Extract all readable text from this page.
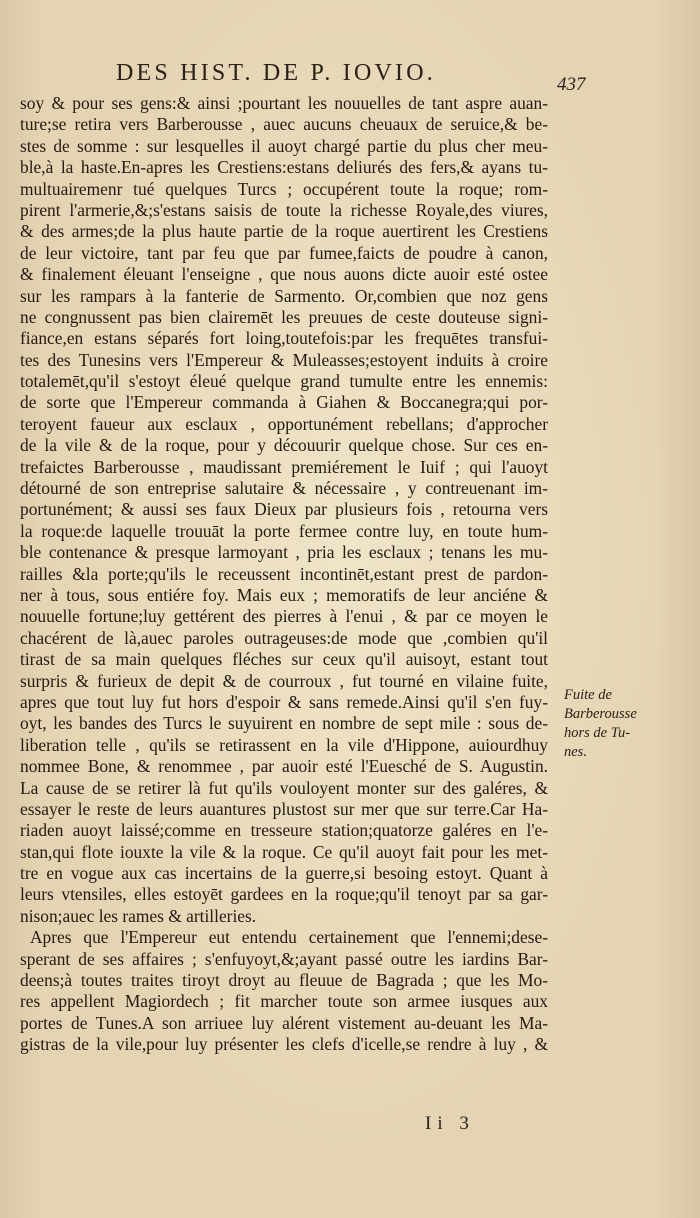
DES HIST. DE P. IOVIO.	437
soy & pour ses gens:& ainsi ;pourtant les nouuelles de tant aspre auan-
ture;se retira vers Barberousse , auec aucuns cheuaux de seruice,& be-
stes de somme : sur lesquelles il auoyt chargé partie du plus cher meu-
ble,à la haste.En-apres les Crestiens:estans deliurés des fers,& ayans tu-
multuairemenr tué quelques Turcs ; occupérent toute la roque; rom-
pirent l'armerie,&;s'estans saisis de toute la richesse Royale,des viures,
& des armes;de la plus haute partie de la roque auertirent les Crestiens
de leur victoire, tant par feu que par fumee,faicts de poudre à canon,
& finalement éleuant l'enseigne , que nous auons dicte auoir esté ostee
sur les rampars à la fanterie de Sarmento. Or,combien que noz gens
ne congnussent pas bien clairemēt les preuues de ceste douteuse signi-
fiance,en estans séparés fort loing,toutefois:par les frequētes transfui-
tes des Tunesins vers l'Empereur & Muleasses;estoyent induits à croire
totalemēt,qu'il s'estoyt éleué quelque grand tumulte entre les ennemis:
de sorte que l'Empereur commanda à Giahen & Boccanegra;qui por-
teroyent faueur aux esclaux , opportunément rebellans; d'approcher
de la vile & de la roque, pour y découurir quelque chose. Sur ces en-
trefaictes Barberousse , maudissant premiérement le Iuif ; qui l'auoyt
détourné de son entreprise salutaire & nécessaire , y contreuenant im-
portunément; & aussi ses faux Dieux par plusieurs fois , retourna vers
la roque:de laquelle trouuāt la porte fermee contre luy, en toute hum-
ble contenance & presque larmoyant , pria les esclaux ; tenans les mu-
railles &la porte;qu'ils le receussent incontinēt,estant prest de pardon-
ner à tous, sous entiére foy. Mais eux ; memoratifs de leur anciéne &
nouuelle fortune;luy gettérent des pierres à l'enui , & par ce moyen le
chacérent de là,auec paroles outrageuses:de mode que ,combien qu'il
tirast de sa main quelques fléches sur ceux qu'il auisoyt, estant tout
surpris & furieux de depit & de courroux , fut tourné en vilaine fuite,
apres que tout luy fut hors d'espoir & sans remede.Ainsi qu'il s'en fuy-
oyt, les bandes des Turcs le suyuirent en nombre de sept mile : sous de-
liberation telle , qu'ils se retirassent en la vile d'Hippone, auiourdhuy
nommee Bone, & renommee , par auoir esté l'Euesché de S. Augustin.
La cause de se retirer là fut qu'ils vouloyent monter sur des galéres, &
essayer le reste de leurs auantures plustost sur mer que sur terre.Car Ha-
riaden auoyt laissé;comme en tresseure station;quatorze galéres en l'e-
stan,qui flote iouxte la vile & la roque. Ce qu'il auoyt fait pour les met-
tre en vogue aux cas incertains de la guerre,si besoing estoyt. Quant à
leurs vtensiles, elles estoyēt gardees en la roque;qu'il tenoyt par sa gar-
nison;auec les rames & artilleries.
Apres que l'Empereur eut entendu certainement que l'ennemi;dese-
sperant de ses affaires ; s'enfuyoyt,&;ayant passé outre les iardins Bar-
deens;à toutes traites tiroyt droyt au fleuue de Bagrada ; que les Mo-
res appellent Magiordech ; fit marcher toute son armee iusques aux
portes de Tunes.A son arriuee luy alérent vistement au-deuant les Ma-
gistras de la vile,pour luy présenter les clefs d'icelle,se rendre à luy , &
Fuite de
Barberousse
hors de Tu-
nes.
Ii 3
